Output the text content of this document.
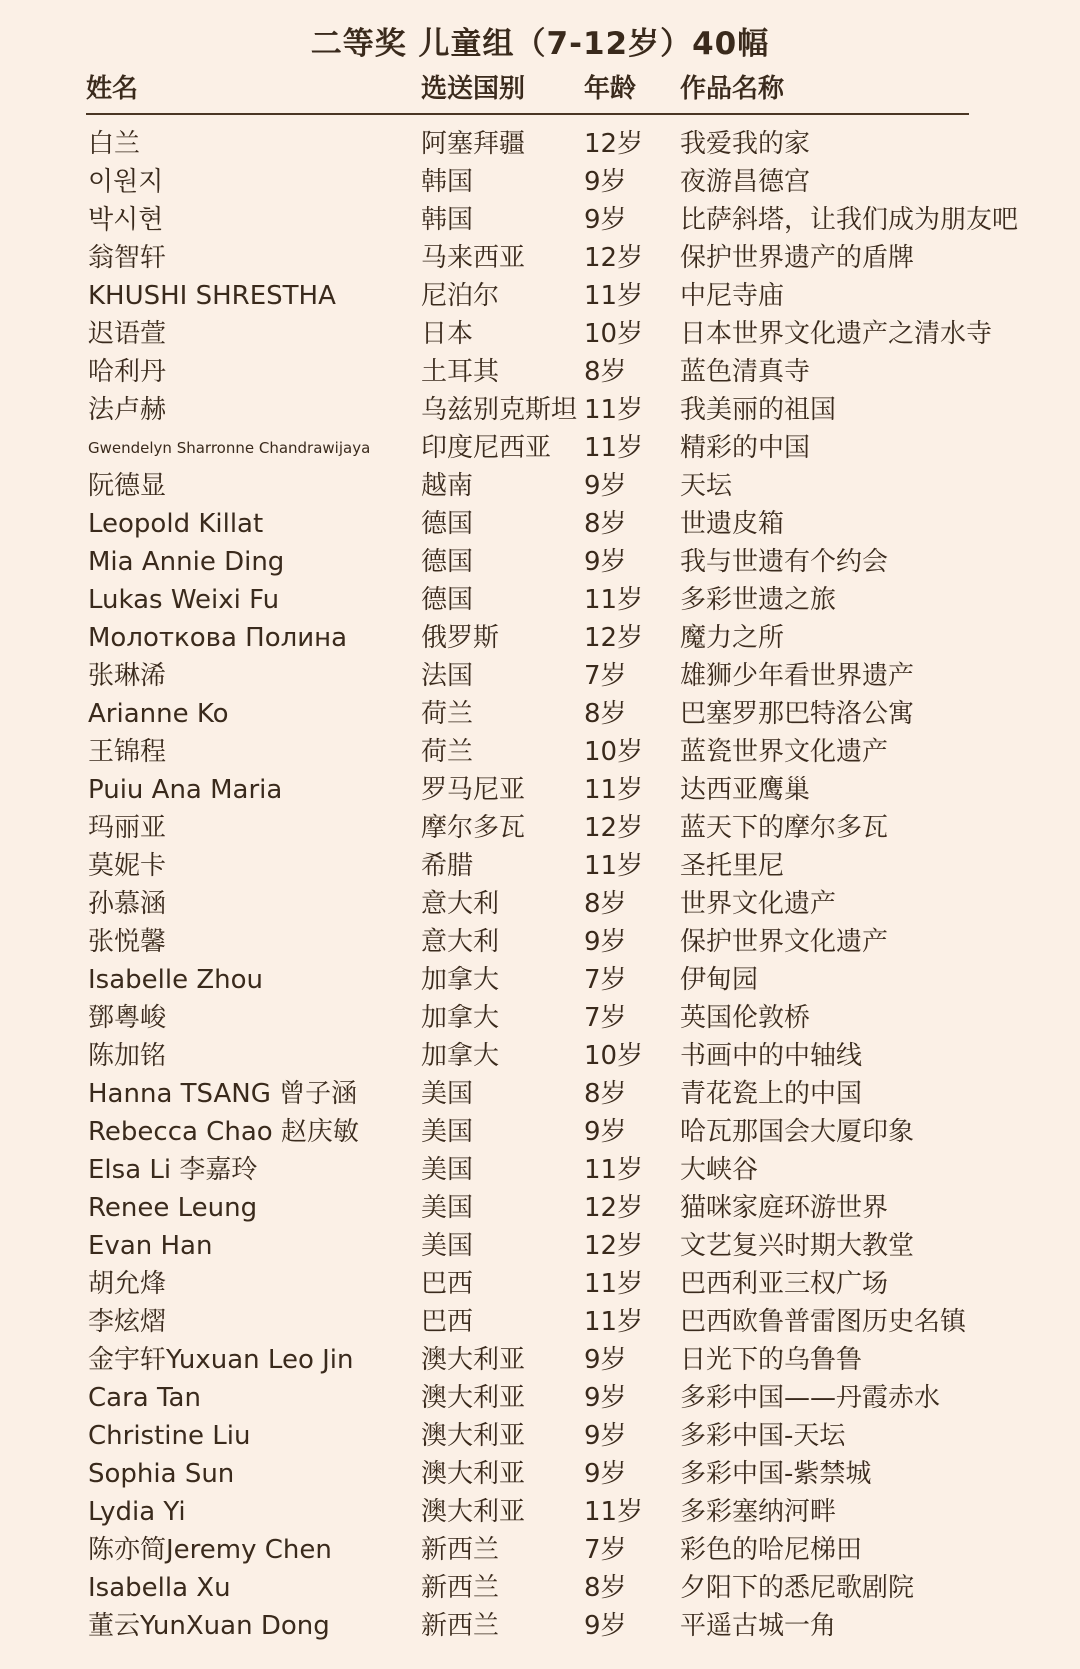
二等奖 儿童组（7-12岁）40幅
姓名	选送国别 年龄 作品名称
白兰	阿塞拜疆 12岁 我爱我的家
이원지	韩国	9岁 夜游昌德宫
박시현	韩国	9岁 比萨斜塔，让我们成为朋友吧
翁智轩	马来西亚 12岁 保护世界遗产的盾牌
KHUSHI SHRESTHA	尼泊尔	11岁 中尼寺庙
迟语萱	日本	10岁 日本世界文化遗产之清水寺
哈利丹	土耳其	8岁 蓝色清真寺
法卢赫	乌兹别克斯坦 11岁 我美丽的祖国
Gwendelyn Sharronne Chandrawijaya 印度尼西亚 11岁 精彩的中国
阮德显	越南	9岁 天坛
Leopold Killat	德国	8岁 世遗皮箱
Mia Annie Ding	德国	9岁 我与世遗有个约会
Lukas Weixi Fu	德国	11岁 多彩世遗之旅
Молоткова Полина	俄罗斯	12岁 魔力之所
张琳浠	法国	7岁 雄狮少年看世界遗产
Arianne Ko	荷兰	8岁 巴塞罗那巴特洛公寓
王锦程	荷兰	10岁 蓝瓷世界文化遗产
Puiu Ana Maria	罗马尼亚 11岁 达西亚鹰巢
玛丽亚	摩尔多瓦 12岁 蓝天下的摩尔多瓦
莫妮卡	希腊	11岁 圣托里尼
孙慕涵	意大利	8岁 世界文化遗产
张悦馨	意大利	9岁 保护世界文化遗产
Isabelle Zhou	加拿大	7岁 伊甸园
鄧粵峻	加拿大	7岁 英国伦敦桥
陈加铭	加拿大	10岁 书画中的中轴线
Hanna TSANG 曾子涵 美国	8岁 青花瓷上的中国
Rebecca Chao 赵庆敏 美国	9岁 哈瓦那国会大厦印象
Elsa Li 李嘉玲	美国	11岁 大峡谷
Renee Leung	美国	12岁 猫咪家庭环游世界
Evan Han	美国	12岁 文艺复兴时期大教堂
胡允烽	巴西	11岁 巴西利亚三权广场
李炫熠	巴西	11岁 巴西欧鲁普雷图历史名镇
金宇轩Yuxuan Leo Jin	澳大利亚 9岁 日光下的乌鲁鲁
Cara Tan	澳大利亚 9岁 多彩中国——丹霞赤水
Christine Liu	澳大利亚 9岁 多彩中国-天坛
Sophia Sun	澳大利亚 9岁 多彩中国-紫禁城
Lydia Yi	澳大利亚 11岁 多彩塞纳河畔
陈亦简Jeremy Chen	新西兰	7岁 彩色的哈尼梯田
Isabella Xu	新西兰	8岁 夕阳下的悉尼歌剧院
董云YunXuan Dong	新西兰	9岁 平遥古城一角
